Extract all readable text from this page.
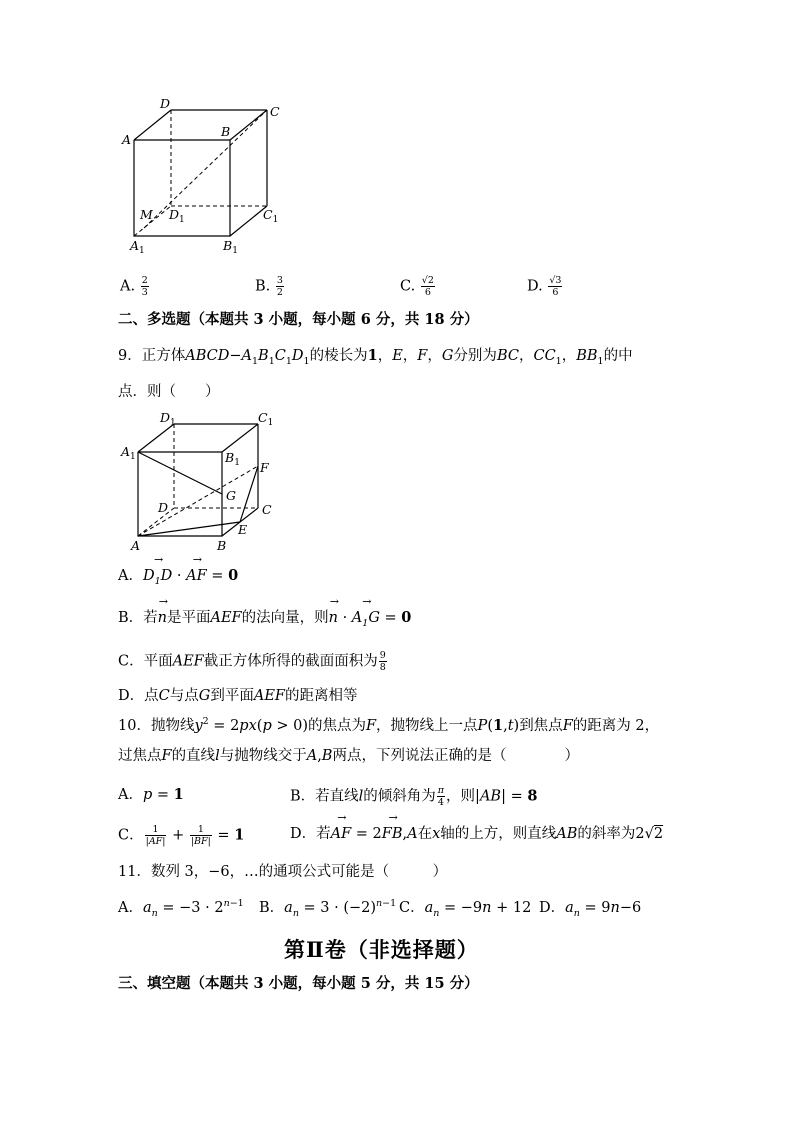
D
C
A
B
M $D_1$	$C_1$
$A_1$	$B_1$
A. $\frac{2}{3}$	B. $\frac{3}{2}$	C. $\frac{√2}{6}$	D. $\frac{√3}{6}$
二、多选题（本题共 3 小题，每小题 6 分，共 18 分）
9．正方体$ABCD-A_1B_1C_1D_1$的棱长为1，E，F，G分别为BC，$CC_1$，$BB_1$的中
点．则（　　）
$D_1$	$C_1$
$A_1$	$B_1$ F
G
D	C
E
A	B
A．→ $D_1D$ · → AF = 0
B．若→ n是平面AEF的法向量，则→ n · → $A_1G = 0$
C．平面AEF截正方体所得的截面面积为 $\frac{9}{8}$
D．点C与点G到平面AEF的距离相等
10．抛物线$y^2 = 2px(p > 0)$的焦点为F，抛物线上一点P(1,t)到焦点F的距离为 2，
过焦点F的直线l与抛物线交于A,B两点，下列说法正确的是（　　　　）
A．p = 1	B．若直线l的倾斜角为 $\frac{\pi}{4}$ ，则|AB| = 8
C． $\frac{1}{|AF|} + \frac{1}{|BF|} = 1$	D．若→ AF = 2→ FB,A在x轴的上方，则直线AB的斜率为2√2
11．数列 3，−6，…的通项公式可能是（　　　）
A．$a_n = -3 \cdot 2^{n-1}$ B．$a_n = 3 \cdot (-2)^{n-1}$ C．$a_n = -9n + 12$ D．$a_n = 9n-6$
第Ⅱ卷（非选择题）
三、填空题（本题共 3 小题，每小题 5 分，共 15 分）
